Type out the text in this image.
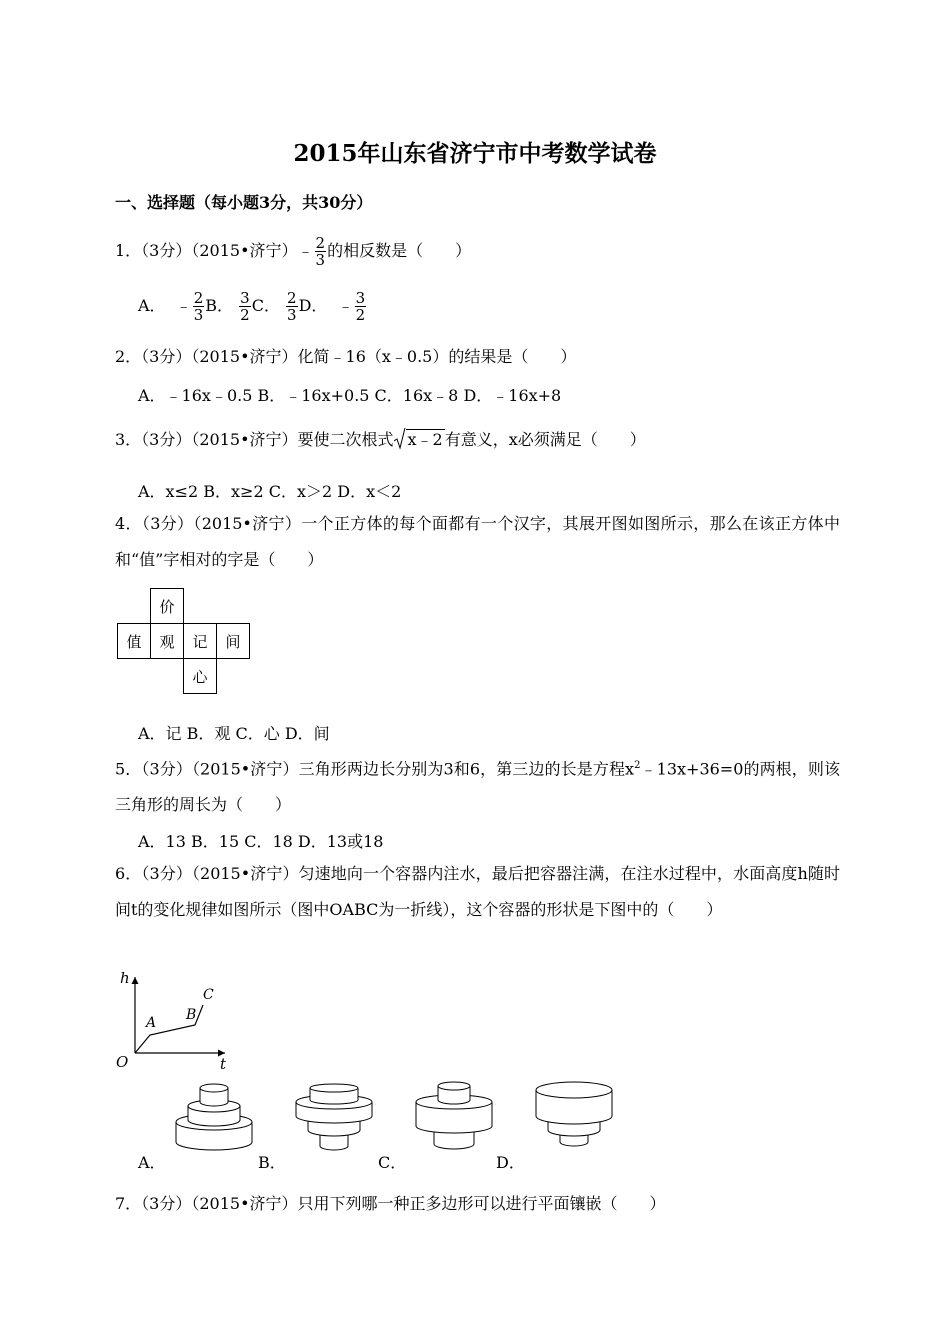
2015年山东省济宁市中考数学试卷
一、选择题（每小题3分，共30分）
1．（3分）（2015•济宁）﹣ $\frac{2}{3}$ 的相反数是（　　）
A． ﹣ $\frac{2}{3}$ B． $\frac{3}{2}$ C． $\frac{2}{3}$ D． ﹣ $\frac{3}{2}$
2．（3分）（2015•济宁）化简﹣16（x﹣0.5）的结果是（　　）
A．﹣16x﹣0.5 B．﹣16x+0.5 C．16x﹣8 D．﹣16x+8
3．（3分）（2015•济宁）要使二次根式 x﹣2 有意义，x必须满足（　　）
A．x≤2 B．x≥2 C．x＞2 D．x＜2
4．（3分）（2015•济宁）一个正方体的每个面都有一个汉字，其展开图如图所示，那么在该正方体中和“值”字相对的字是（　　）
	价		
值	观	记	间
		心	
A．记 B．观 C．心 D．间
5．（3分）（2015•济宁）三角形两边长分别为3和6，第三边的长是方程$x^2﹣13x+36=0$的两根，则该三角形的周长为（　　）
A．13 B．15 C．18 D．13或18
6．（3分）（2015•济宁）匀速地向一个容器内注水，最后把容器注满，在注水过程中，水面高度h随时间t的变化规律如图所示（图中OABC为一折线），这个容器的形状是下图中的（　　）
h
t
O
A B
C
A．	B．	C．	D．
7．（3分）（2015•济宁）只用下列哪一种正多边形可以进行平面镶嵌（　　）
